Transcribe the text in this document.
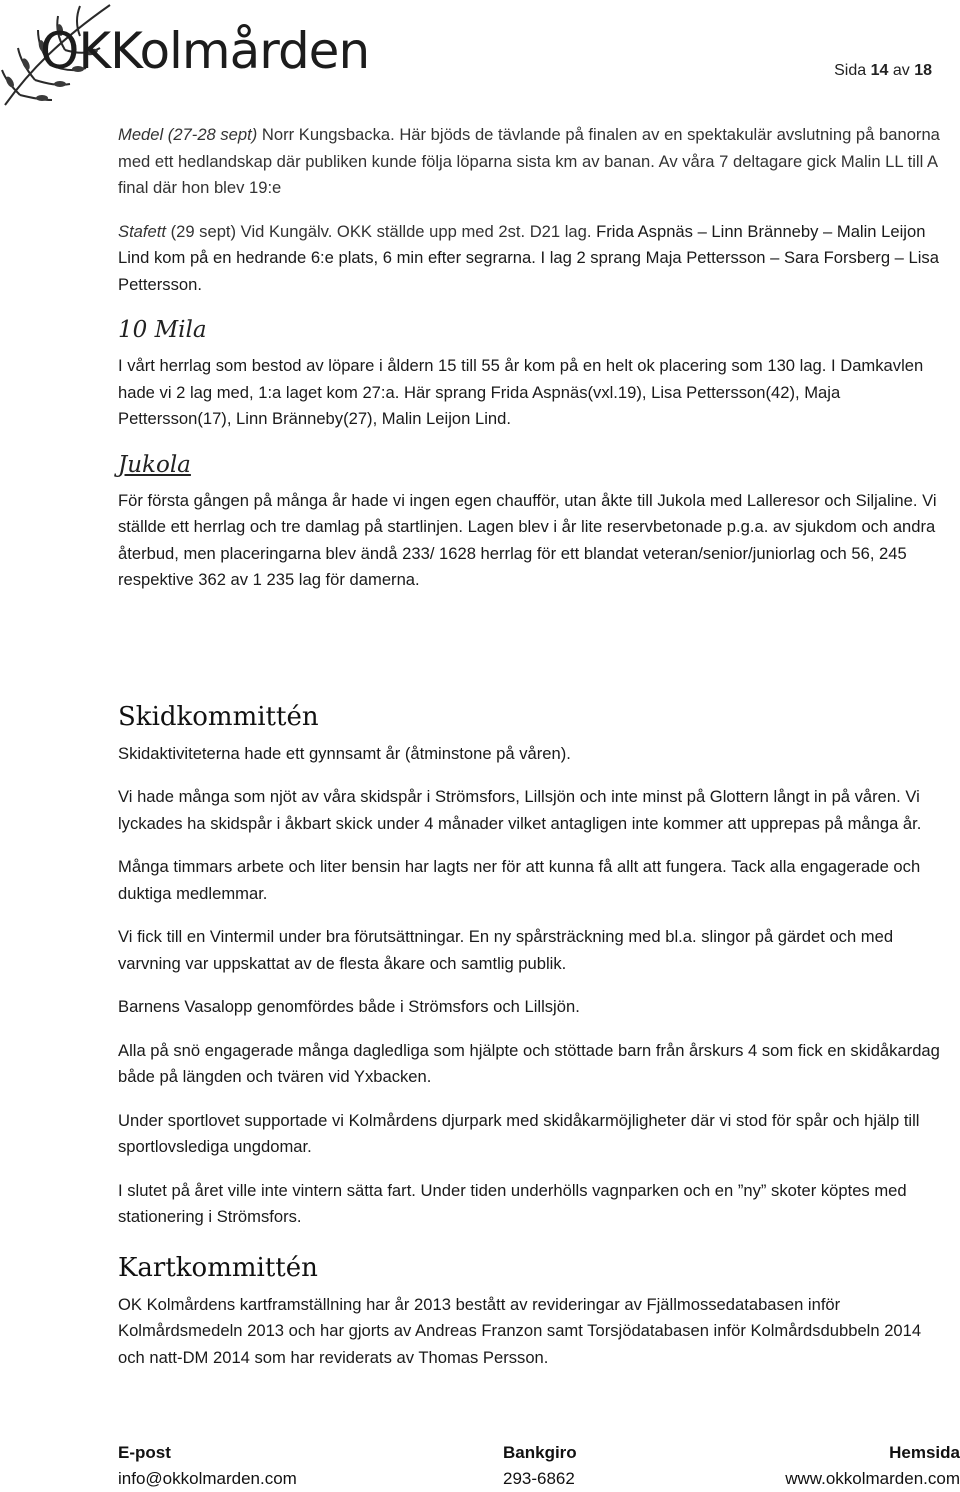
OKKolmården	Sida 14 av 18

Medel (27-28 sept) Norr Kungsbacka. Här bjöds de tävlande på finalen av en spektakulär avslutning på banorna med ett hedlandskap där publiken kunde följa löparna sista km av banan. Av våra 7 deltagare gick Malin LL till A final där hon blev 19:e

Stafett (29 sept) Vid Kungälv. OKK ställde upp med 2st. D21 lag. Frida Aspnäs – Linn Bränneby – Malin Leijon Lind kom på en hedrande 6:e plats, 6 min efter segrarna. I lag 2 sprang Maja Pettersson – Sara Forsberg – Lisa Pettersson.

10 Mila

I vårt herrlag som bestod av löpare i åldern 15 till 55 år kom på en helt ok placering som 130 lag. I Damkavlen hade vi 2 lag med, 1:a laget kom 27:a. Här sprang Frida Aspnäs(vxl.19), Lisa Pettersson(42), Maja Pettersson(17), Linn Bränneby(27), Malin Leijon Lind.

Jukola

För första gången på många år hade vi ingen egen chaufför, utan åkte till Jukola med Lalleresor och Siljaline. Vi ställde ett herrlag och tre damlag på startlinjen. Lagen blev i år lite reservbetonade p.g.a. av sjukdom och andra återbud, men placeringarna blev ändå 233/ 1628 herrlag för ett blandat veteran/senior/juniorlag och 56, 245 respektive 362 av 1 235 lag för damerna.

Skidkommittén

Skidaktiviteterna hade ett gynnsamt år (åtminstone på våren).

Vi hade många som njöt av våra skidspår i Strömsfors, Lillsjön och inte minst på Glottern långt in på våren. Vi lyckades ha skidspår i åkbart skick under 4 månader vilket antagligen inte kommer att upprepas på många år.

Många timmars arbete och liter bensin har lagts ner för att kunna få allt att fungera. Tack alla engagerade och duktiga medlemmar.

Vi fick till en Vintermil under bra förutsättningar. En ny spårsträckning med bl.a. slingor på gärdet och med varvning var uppskattat av de flesta åkare och samtlig publik.

Barnens Vasalopp genomfördes både i Strömsfors och Lillsjön.

Alla på snö engagerade många dagledliga som hjälpte och stöttade barn från årskurs 4 som fick en skidåkardag både på längden och tvären vid Yxbacken.

Under sportlovet supportade vi Kolmårdens djurpark med skidåkarmöjligheter där vi stod för spår och hjälp till sportlovslediga ungdomar.

I slutet på året ville inte vintern sätta fart. Under tiden underhölls vagnparken och en ”ny” skoter köptes med stationering i Strömsfors.

Kartkommittén

OK Kolmårdens kartframställning har år 2013 bestått av revideringar av Fjällmossedatabasen inför Kolmårdsmedeln 2013 och har gjorts av Andreas Franzon samt Torsjödatabasen inför Kolmårdsdubbeln 2014 och natt-DM 2014 som har reviderats av Thomas Persson.

E-post
info@okkolmarden.com
Bankgiro
293-6862
Hemsida
www.okkolmarden.com
